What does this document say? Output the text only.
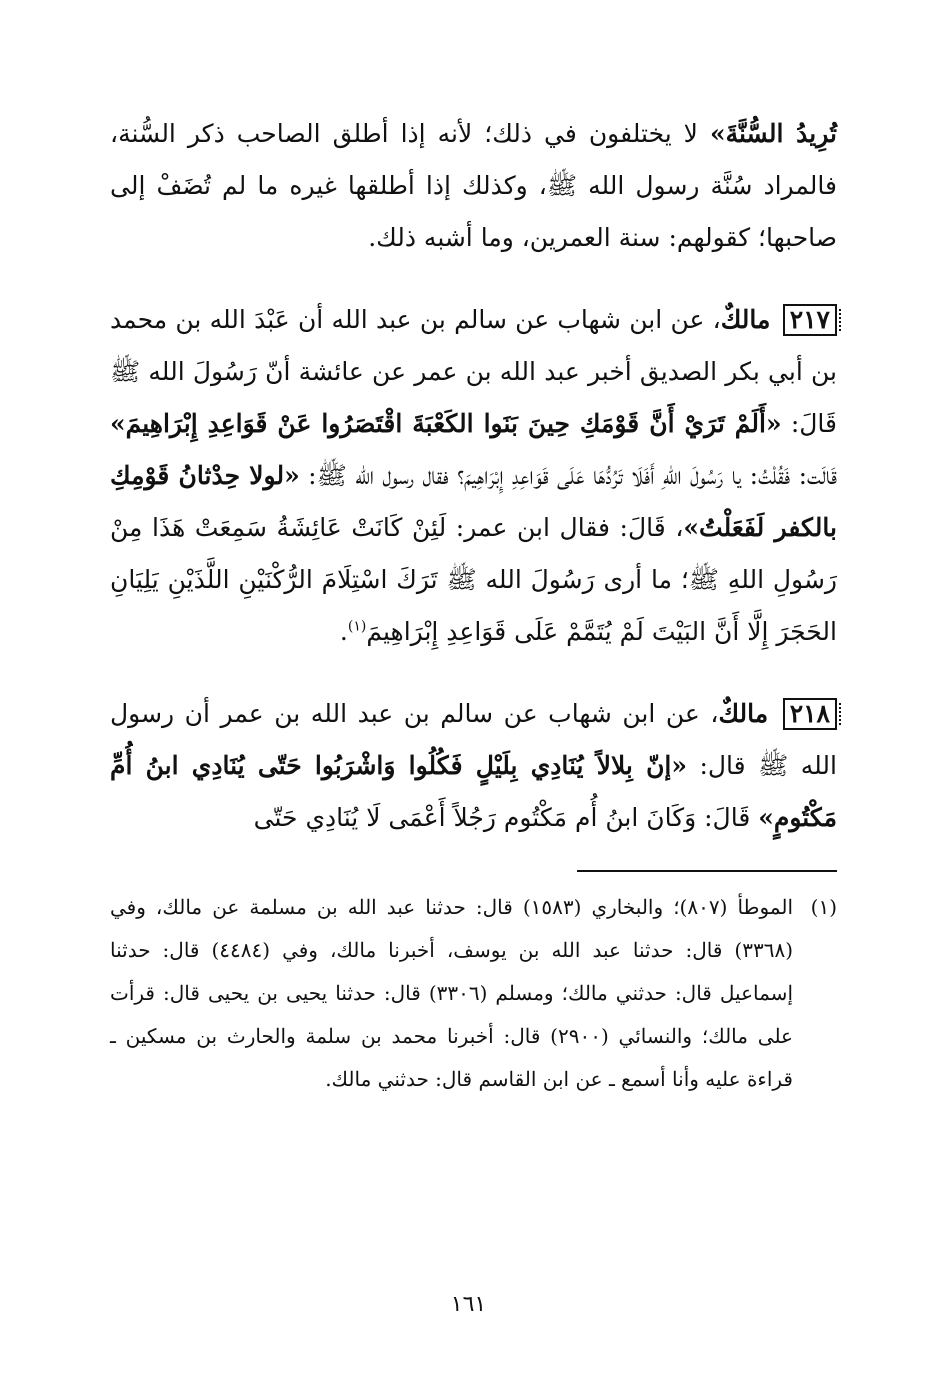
تُرِيدُ السُّنَّةَ» لا يختلفون في ذلك؛ لأنه إذا أطلق الصاحب ذكر السُّنة، فالمراد سُنَّة رسول الله ﷺ، وكذلك إذا أطلقها غيره ما لم تُضَفْ إلى صاحبها؛ كقولهم: سنة العمرين، وما أشبه ذلك.

٢١٧ مالكٌ، عن ابن شهاب عن سالم بن عبد الله أن عَبْدَ الله بن محمد بن أبي بكر الصديق أخبر عبد الله بن عمر عن عائشة أنّ رَسُولَ الله ﷺ قَالَ: «أَلَمْ تَرَيْ أَنَّ قَوْمَكِ حِينَ بَنَوا الكَعْبَةَ اقْتَصَرُوا عَنْ قَوَاعِدِ إِبْرَاهِيمَ» قَالَت: فَقُلْتُ: يا رَسُولَ اللهِ أَفَلَا تَرُدُّهَا عَلَى قَوَاعِدِ إِبْرَاهِيمَ؟ فقال رسول الله ﷺ: «لولا حِدْثانُ قَوْمِكِ بالكفر لَفَعَلْتُ»، قَالَ: فقال ابن عمر: لَئِنْ كَانَتْ عَائِشَةُ سَمِعَتْ هَذَا مِنْ رَسُولِ اللهِ ﷺ؛ ما أرى رَسُولَ الله ﷺ تَرَكَ اسْتِلَامَ الرُّكْنَيْنِ اللَّذَيْنِ يَلِيَانِ الحَجَرَ إِلَّا أَنَّ البَيْتَ لَمْ يُتَمَّمْ عَلَى قَوَاعِدِ إِبْرَاهِيمَ$^{(١)}$.

٢١٨ مالكٌ، عن ابن شهاب عن سالم بن عبد الله بن عمر أن رسول الله ﷺ قال: «إنّ بِلالاً يُنَادِي بِلَيْلٍ فَكُلُوا وَاشْرَبُوا حَتّى يُنَادِي ابنُ أُمِّ مَكْتُومٍ» قَالَ: وَكَانَ ابنُ أُم مَكْتُوم رَجُلاً أَعْمَى لَا يُنَادِي حَتّى

(١)
الموطأ (٨٠٧)؛ والبخاري (١٥٨٣) قال: حدثنا عبد الله بن مسلمة عن مالك، وفي (٣٣٦٨) قال: حدثنا عبد الله بن يوسف، أخبرنا مالك، وفي (٤٤٨٤) قال: حدثنا إسماعيل قال: حدثني مالك؛ ومسلم (٣٣٠٦) قال: حدثنا يحيى بن يحيى قال: قرأت على مالك؛ والنسائي (٢٩٠٠) قال: أخبرنا محمد بن سلمة والحارث بن مسكين ـ قراءة عليه وأنا أسمع ـ عن ابن القاسم قال: حدثني مالك.

١٦١
